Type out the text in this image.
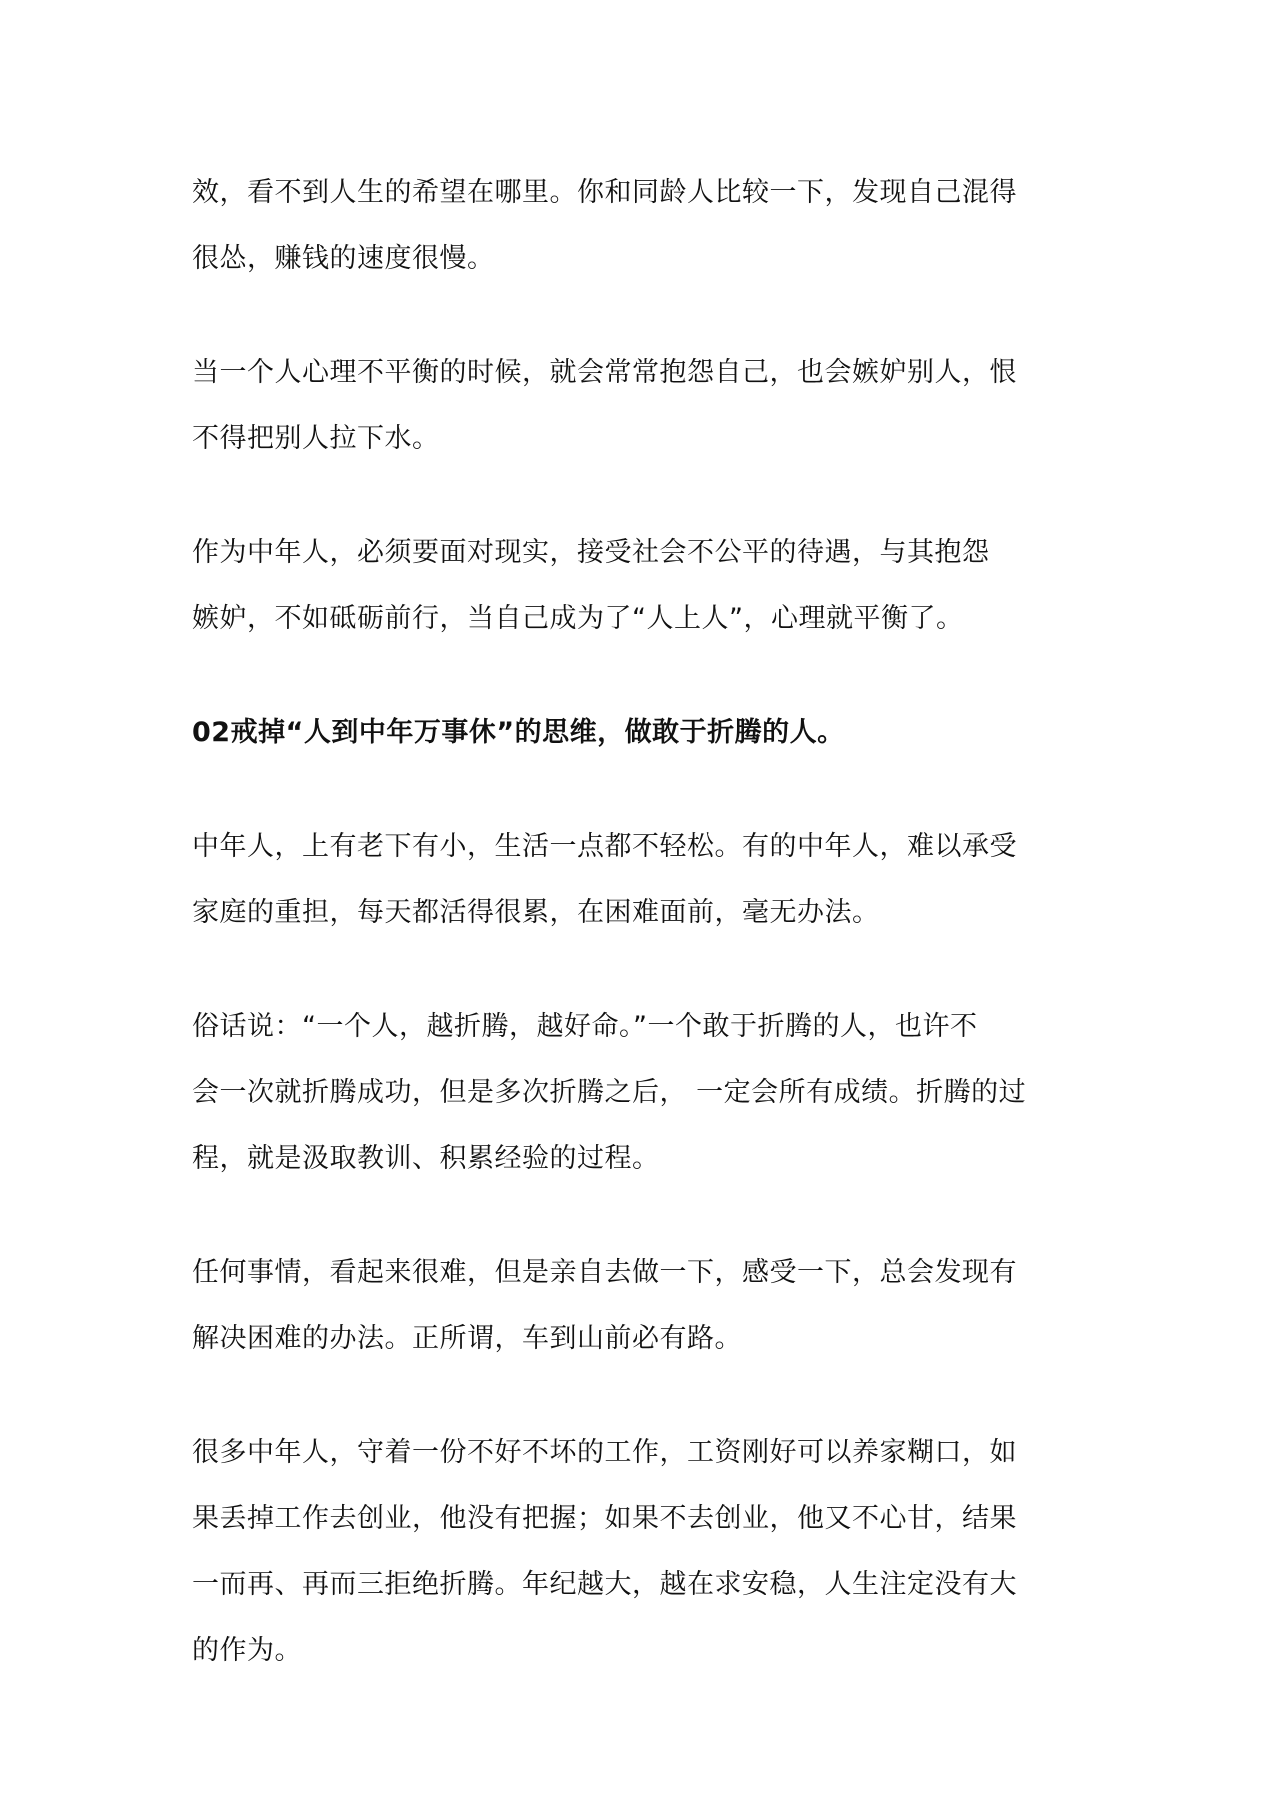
效，看不到人生的希望在哪里。你和同龄人比较一下，发现自己混得
很怂，赚钱的速度很慢。
当一个人心理不平衡的时候，就会常常抱怨自己，也会嫉妒别人，恨
不得把别人拉下水。
作为中年人，必须要面对现实，接受社会不公平的待遇，与其抱怨
嫉妒，不如砥砺前行，当自己成为了“人上人”，心理就平衡了。
02戒掉“人到中年万事休”的思维，做敢于折腾的人。
中年人，上有老下有小，生活一点都不轻松。有的中年人，难以承受
家庭的重担，每天都活得很累，在困难面前，毫无办法。
俗话说：“一个人，越折腾，越好命。”一个敢于折腾的人，也许不
会一次就折腾成功，但是多次折腾之后， 一定会所有成绩。折腾的过
程，就是汲取教训、积累经验的过程。
任何事情，看起来很难，但是亲自去做一下，感受一下，总会发现有
解决困难的办法。正所谓，车到山前必有路。
很多中年人，守着一份不好不坏的工作，工资刚好可以养家糊口，如
果丢掉工作去创业，他没有把握；如果不去创业，他又不心甘，结果
一而再、再而三拒绝折腾。年纪越大，越在求安稳，人生注定没有大
的作为。
